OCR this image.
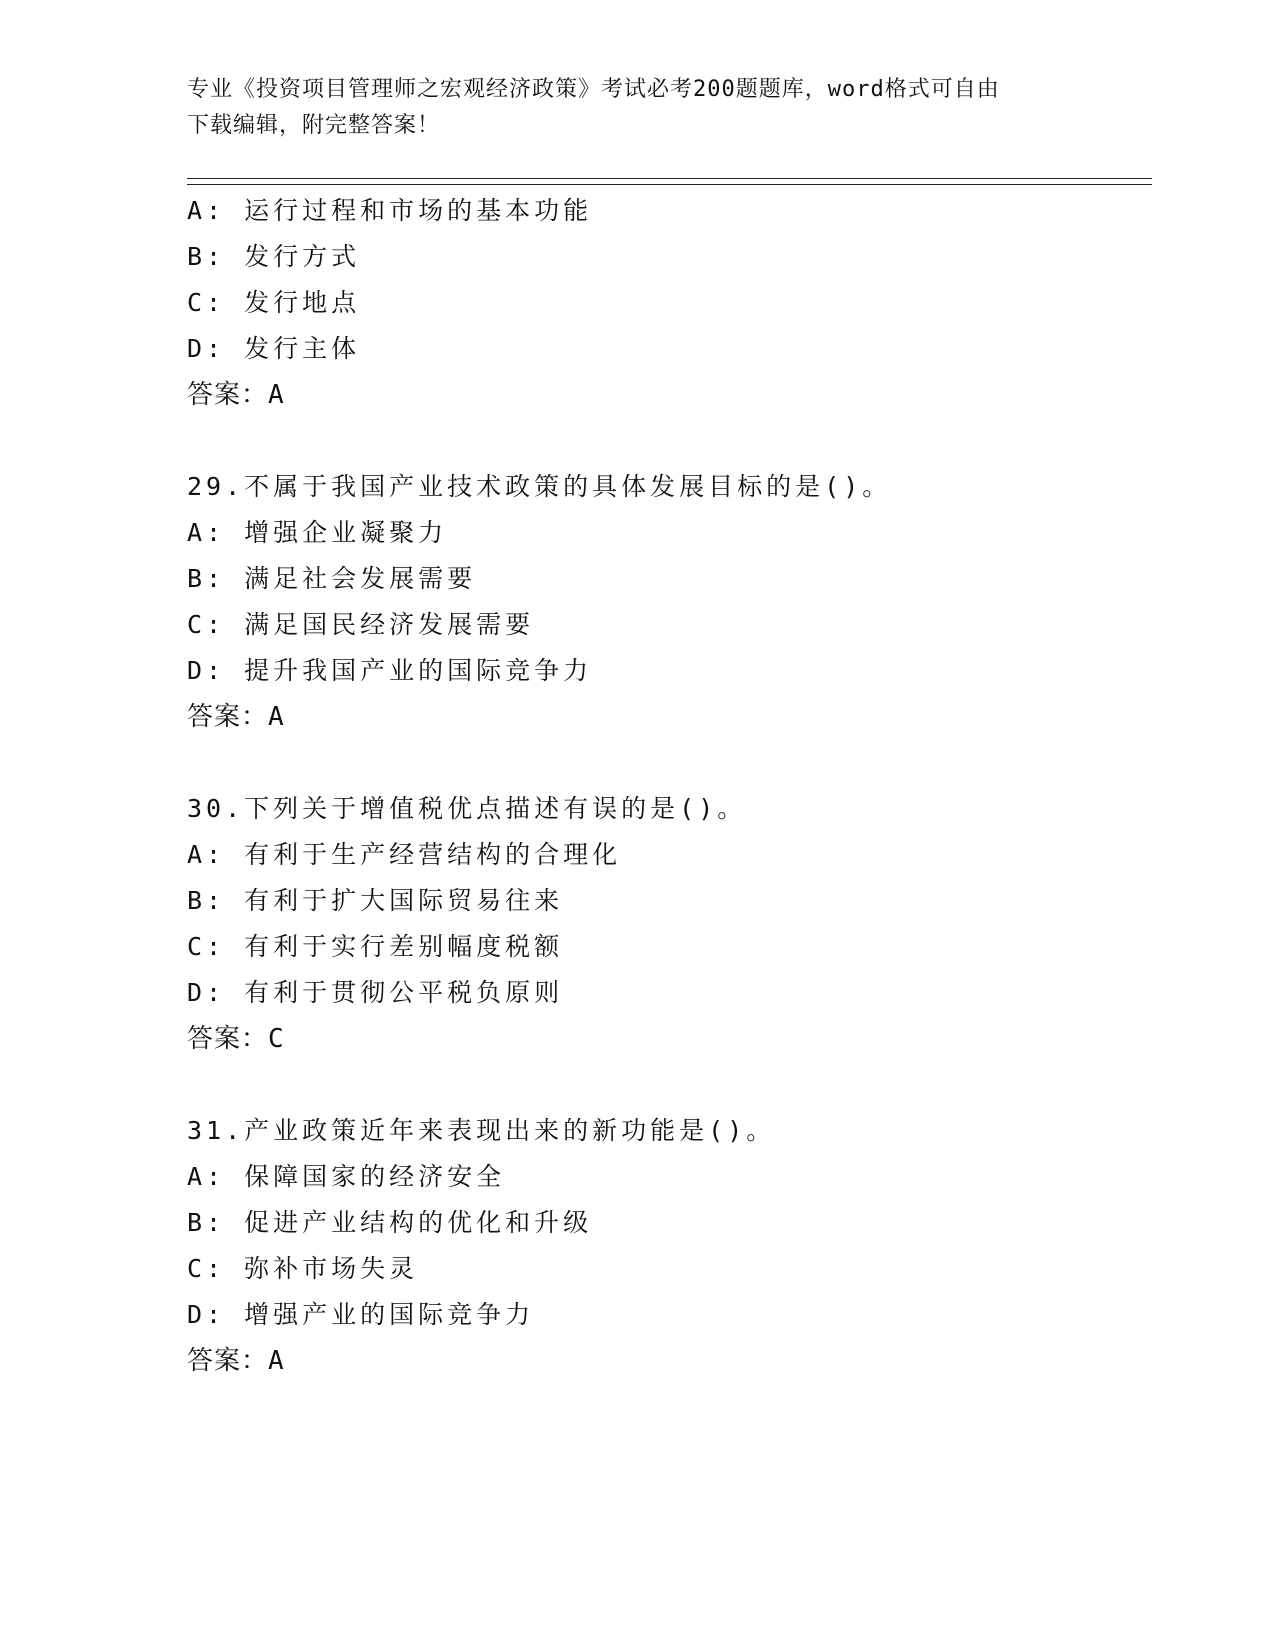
专业《投资项目管理师之宏观经济政策》考试必考200题题库，word格式可自由
下载编辑，附完整答案！
A: 运行过程和市场的基本功能
B: 发行方式
C: 发行地点
D: 发行主体
答案：A
29.不属于我国产业技术政策的具体发展目标的是()。
A: 增强企业凝聚力
B: 满足社会发展需要
C: 满足国民经济发展需要
D: 提升我国产业的国际竞争力
答案：A
30.下列关于增值税优点描述有误的是()。
A: 有利于生产经营结构的合理化
B: 有利于扩大国际贸易往来
C: 有利于实行差别幅度税额
D: 有利于贯彻公平税负原则
答案：C
31.产业政策近年来表现出来的新功能是()。
A: 保障国家的经济安全
B: 促进产业结构的优化和升级
C: 弥补市场失灵
D: 增强产业的国际竞争力
答案：A
